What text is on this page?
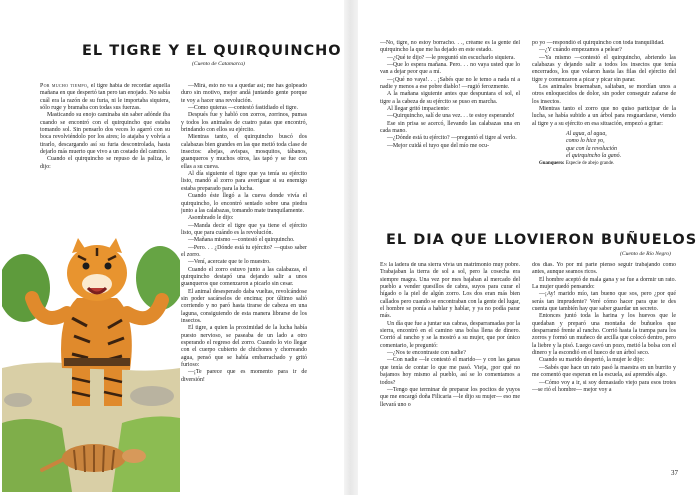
EL TIGRE Y EL QUIRQUINCHO

(Cuento de Catamarca)

Por mucho tiempo, el tigre había de recordar aquella mañana en que despertó tan pero tan enojado. No sabía cuál era la razón de su furia, ni le importaba siquiera, sólo ruge y bramaba con todas sus fuerzas.

Masticando su enojo caminaba sin saber adónde iba cuando se encontró con el quirquincho que estaba tomando sol. Sin pensarlo dos veces lo agarró con su boca revolviéndolo por los aires; lo atajaba y volvía a tirarlo, descargando así su furia descontrolada, hasta dejarlo más muerto que vivo a un costado del camino.

Cuando el quirquincho se repuso de la paliza, le dijo:

—Mirá, esto no va a quedar así; me has golpeado duro sin motivo, mejor andá juntando gente porque te voy a hacer una revolución.

—Como quieras —contestó fastidiado el tigre.

Después fue y habló con zorros, zorrinos, pumas y todos los animales de cuatro patas que encontró, brindando con ellos su ejército.

Mientras tanto, el quirquincho buscó dos calabazas bien grandes en las que metió toda clase de insectos: abejas, avispas, mosquitos, tábanos, guanqueros y muchos otros, las tapó y se fue con ellas a su cueva.

Al día siguiente el tigre que ya tenía su ejército listo, mandó al zorro para averiguar si su enemigo estaba preparado para la lucha.

Cuando éste llegó a la cueva donde vivía el quirquincho, lo encontró sentado sobre una piedra junto a las calabazas, tomando mate tranquilamente.

Asombrado le dijo:

—Manda decir el tigre que ya tiene el ejército listo, que para cuándo es la revolución.

—Mañana mismo —contestó el quirquincho.

—Pero. . . ¿Dónde está tu ejército? —quiso saber el zorro.

—Vení, acercate que te lo muestro.

Cuando el zorro estuvo junto a las calabazas, el quirquincho destapó una dejando salir a unos guanqueros que comenzaron a picarlo sin cesar.

El animal desesperado daba vueltas, revolcándose sin poder sacárselos de encima; por último salió corriendo y no paró hasta tirarse de cabeza en una laguna, consiguiendo de esta manera librarse de los insectos.

El tigre, a quien la proximidad de la lucha había puesto nervioso, se paseaba de un lado a otro esperando el regreso del zorro. Cuando lo vio llegar con el cuerpo cubierto de chichones y chorreando agua, pensó que se había embarrachado y gritó furioso:

—¡Te parece que es momento para ir de diversión!

—No, tigre, no estoy borracho. . ., créame es la gente del quirquincho la que me ha dejado en este estado.

—¿Qué te dijo? —le preguntó sin escucharlo siquiera.

—Que lo espera mañana. Pero. . . no vaya usted que lo van a dejar peor que a mí.

—¡Qué no vaya!. . . ¡Sabés que no le temo a nada ni a nadie y menos a ese pobre diablo! —rugió ferozmente.

A la mañana siguiente antes que despuntara el sol, el tigre a la cabeza de su ejército se puso en marcha.

Al llegar gritó impaciente:

—Quirquincho, salí de una vez. . . te estoy esperando!

Ese sin prisa se acercó, llevando las calabazas una en cada mano.

—¿Dónde está tu ejército? —preguntó el tigre al verlo.

—Mejor cuidá el tuyo que del mío me ocu-

po yo —respondió el quirquincho con toda tranquilidad.

—¿Y cuándo empezamos a pelear?

—Ya mismo —contestó el quirquincho, abriendo las calabazas y dejando salir a todos los insectos que tenía encerrados, los que volaron hasta las filas del ejército del tigre y comenzaron a picar y picar sin parar.

Los animales braemaban, saltaban, se mordían unos a otros enloquecidos de dolor, sin poder conseguir zafarse de los insectos.

Mientras tanto el zorro que no quiso participar de la lucha, se había subido a un árbol para resguardarse, viendo al tigre y a su ejército en esa situación, empezó a gritar:

Al agua, al agua,
como lo hice yo,
que con la revolución
el quirquincho la ganó.

Guanquero: Especie de abejo grande.

EL DIA QUE LLOVIERON BUÑUELOS

(Cuento de Río Negro)

En la ladera de una sierra vivía un matrimonio muy pobre. Trabajaban la tierra de sol a sol, pero la cosecha era siempre magra. Una vez por mes bajaban al mercado del pueblo a vender quesillos de cabra, suyos para curar el hígado o la piel de algún zorro. Los dos eran más bien callados pero cuando se encontraban con la gente del lugar, el hombre se ponía a hablar y hablar, y ya no podía parar más.

Un día que fue a juntar sus cabras, desparramadas por la sierra, encontró en el camino una bolsa llena de dinero. Corrió al rancho y se la mostró a su mujer, que por único comentario, le preguntó:

—¿Nos te encontraste con nadie?

—Con nadie —le contestó el marido— y con las ganas que tenía de contar lo que me pasó. Vieja, ¡por qué no bajamos hoy mismo al pueblo, así se lo comentamos a todos?

—Tengo que terminar de preparar los pocitos de yuyos que me encargó doña Filicaria —le dijo su mujer— eso me llevará uno o

dos días. Yo por mi parte pienso seguir trabajando como antes, aunque seamos ricos.

El hombre aceptó de mala gana y se fue a dormir un rato. La mujer quedó pensando:

—¡Ay! marido mío, tan bueno que sos, pero ¿por qué serás tan imprudente? Veré cómo hacer para que te des cuenta que también hay que saber guardar un secreto.

Entonces juntó toda la harina y los huevos que le quedaban y preparó una montaña de buñuelos que desparramó frente al rancho. Corrió hasta la trampa para los zorros y formó un muñeco de arcilla que colocó dentro, pero la liebre y la pisó. Luego cavó un pozo, metió la bolsa con el dinero y la escondió en el hueco de un árbol seco.

Cuando su marido despertó, la mujer le dijo:

—Sabés que hace un rato pasó la maestra en un burrito y me comentó que esperan en la escuela, así aprendés algo.

—Cómo voy a ir, si soy demasiado viejo para esos trotes —se rió el hombre— mejor voy a

37
